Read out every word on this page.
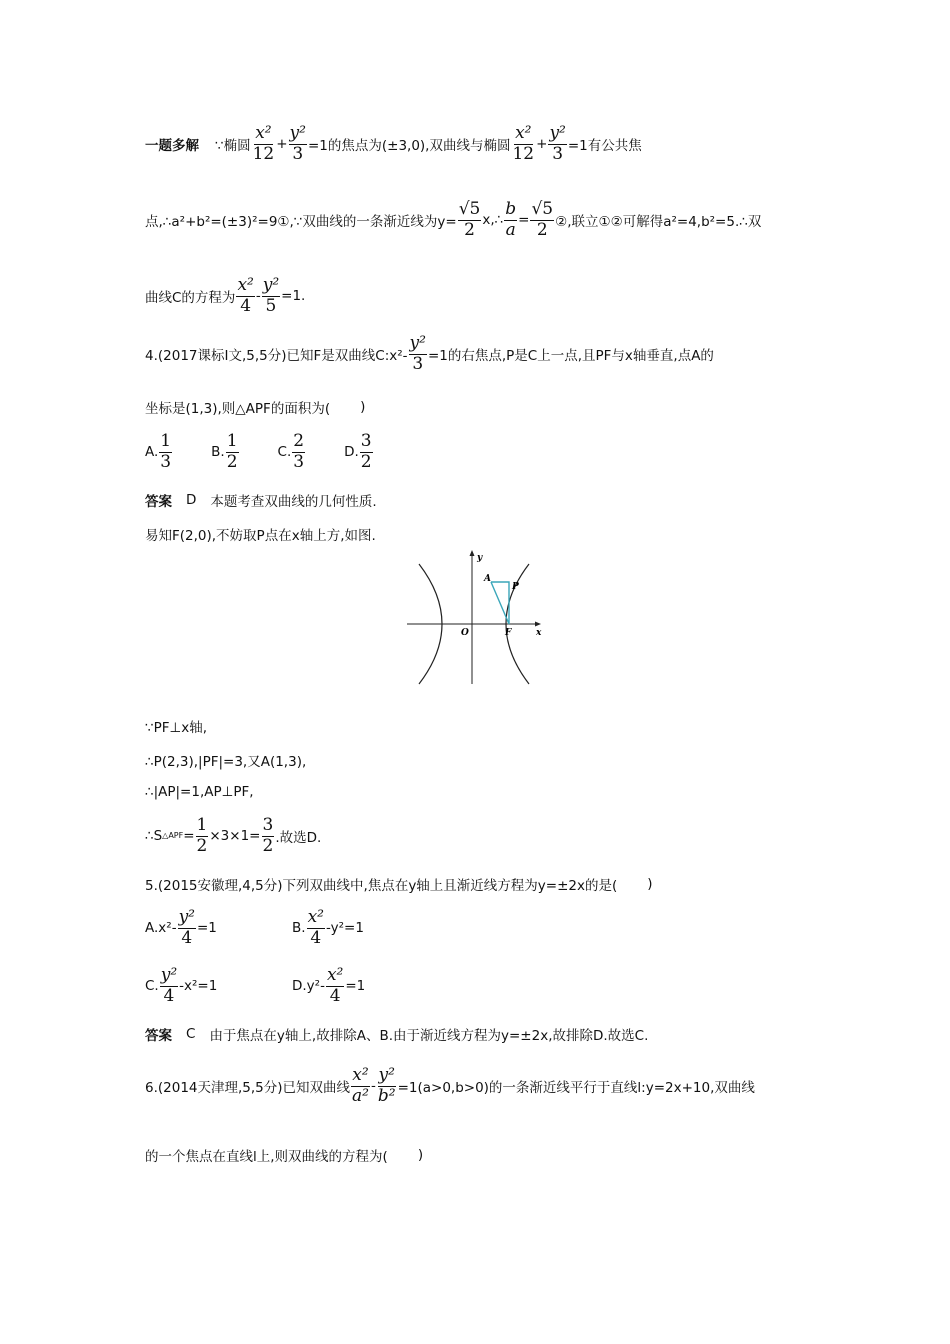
一题多解 ∵椭圆 $\frac{\text{x²}}{12} + \frac{\text{y²}}{3} =1$的焦点为(±3,0),双曲线与椭圆 $\frac{\text{x²}}{12} + \frac{\text{y²}}{3} =1$有公共焦
点,∴a²+b²=(±3)²=9①,∵双曲线的一条渐近线为$y= \frac{√5}{2}$ x,∴ $\frac{b}{a} = \frac{√5}{2}$ ②,联立①②可解得a²=4,b²=5.∴双
曲线C的方程为 $\frac{\text{x²}}{4} - \frac{\text{y²}}{5} =1$.
4.(2017课标Ⅰ文,5,5分)已知F是双曲线C:x²- $\frac{\text{y²}}{3} =1$的右焦点,P是C上一点,且PF与x轴垂直,点A的
坐标是(1,3),则△APF的面积为( )
A. $\frac{1}{3}$	B. $\frac{1}{2}$	C. $\frac{2}{3}$	D. $\frac{3}{2}$
答案 D 本题考查双曲线的几何性质.
易知F(2,0),不妨取P点在x轴上方,如图.
y
x
O
A
P
F
∵PF⊥x轴,
∴P(2,3),|PF|=3,又A(1,3),
∴|AP|=1,AP⊥PF,
∴S △APF = $\frac{1}{2} \times 3\times 1= \frac{3}{2}$ .故选D.
5.(2015安徽理,4,5分)下列双曲线中,焦点在y轴上且渐近线方程为y=±2x的是( )
$A.x^2- \frac{\text{y²}}{4} =1$	B. $\frac{\text{x²}}{4} -y^2=1$
C. $\frac{\text{y²}}{4} -x^2=1$	$D.y^2- \frac{\text{x²}}{4} =1$
答案 C 由于焦点在y轴上,故排除A、B.由于渐近线方程为y=±2x,故排除D.故选C.
6.(2014天津理,5,5分)已知双曲线 $\frac{\text{x²}}{\text{a²}} - \frac{\text{y²}}{\text{b²}} =1(a>0,b>0)$的一条渐近线平行于直线l:y=2x+10,双曲线
的一个焦点在直线l上,则双曲线的方程为( )
